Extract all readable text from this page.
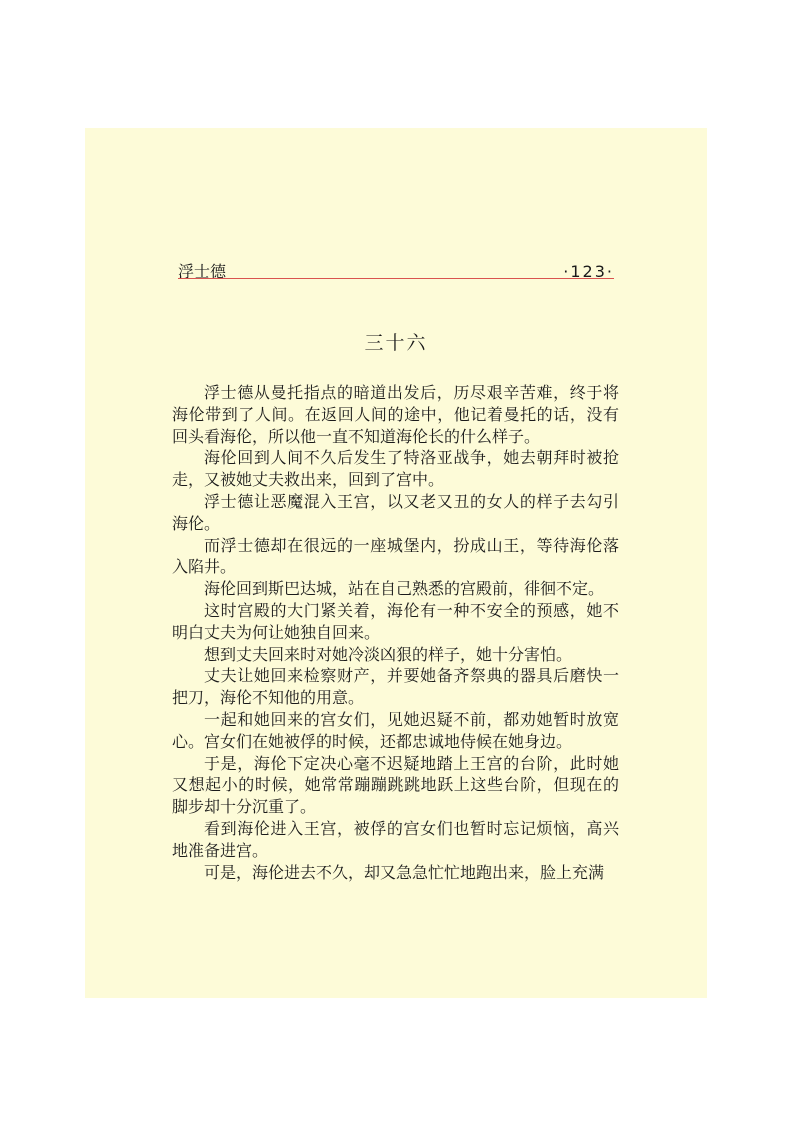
浮士德	·123·
三十六

浮士德从曼托指点的暗道出发后，历尽艰辛苦难，终于将海伦带到了人间。在返回人间的途中，他记着曼托的话，没有回头看海伦，所以他一直不知道海伦长的什么样子。

海伦回到人间不久后发生了特洛亚战争，她去朝拜时被抢走，又被她丈夫救出来，回到了宫中。

浮士德让恶魔混入王宫，以又老又丑的女人的样子去勾引海伦。

而浮士德却在很远的一座城堡内，扮成山王，等待海伦落入陷井。

海伦回到斯巴达城，站在自己熟悉的宫殿前，徘徊不定。

这时宫殿的大门紧关着，海伦有一种不安全的预感，她不明白丈夫为何让她独自回来。

想到丈夫回来时对她冷淡凶狠的样子，她十分害怕。

丈夫让她回来检察财产，并要她备齐祭典的器具后磨快一把刀，海伦不知他的用意。

一起和她回来的宫女们，见她迟疑不前，都劝她暂时放宽心。宫女们在她被俘的时候，还都忠诚地侍候在她身边。

于是，海伦下定决心毫不迟疑地踏上王宫的台阶，此时她又想起小的时候，她常常蹦蹦跳跳地跃上这些台阶，但现在的脚步却十分沉重了。

看到海伦进入王宫，被俘的宫女们也暂时忘记烦恼，高兴地准备进宫。

可是，海伦进去不久，却又急急忙忙地跑出来，脸上充满
